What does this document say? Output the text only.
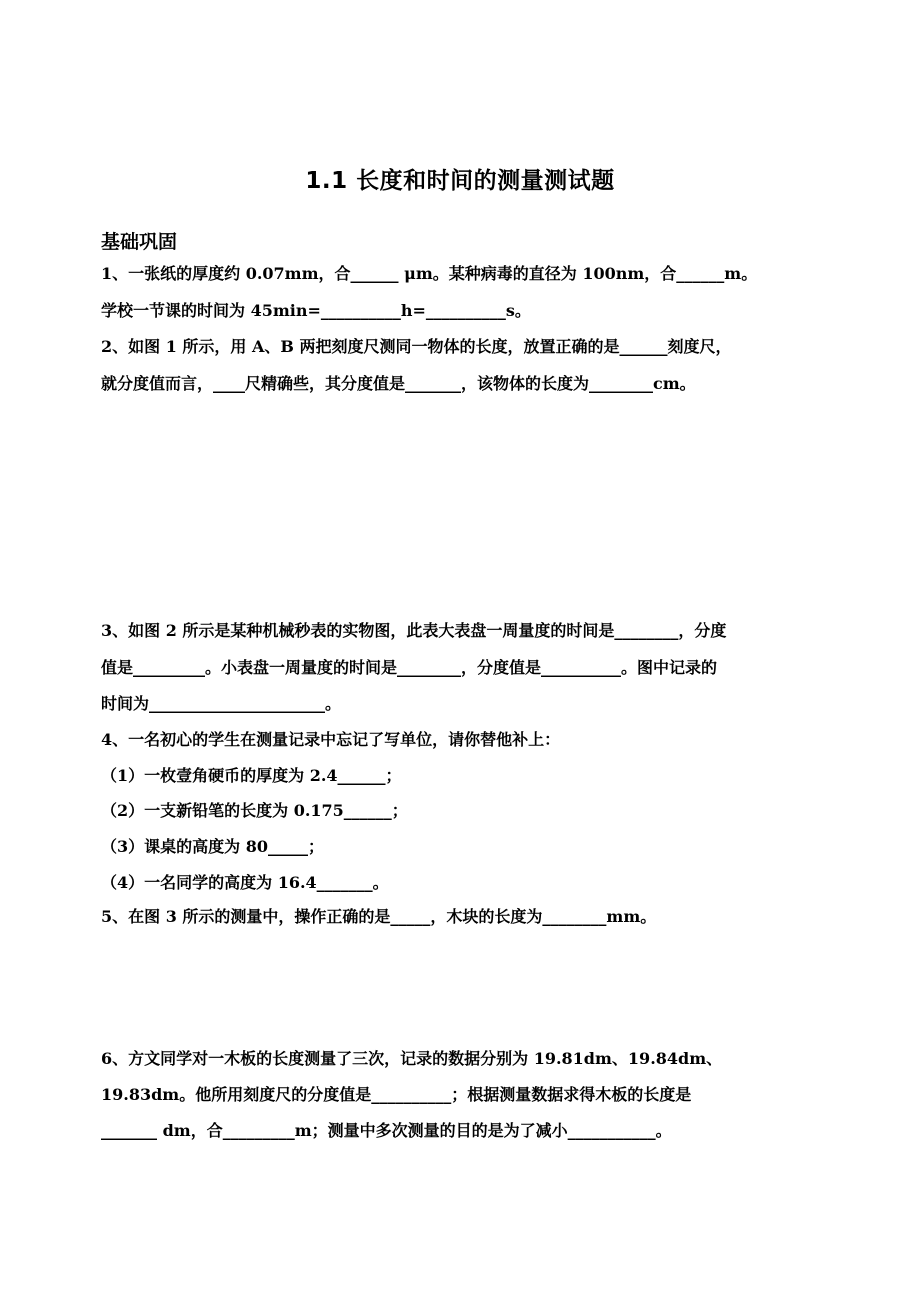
1.1 长度和时间的测量测试题
基础巩固
1、一张纸的厚度约 0.07mm，合______ μm。某种病毒的直径为 100nm，合______m。
学校一节课的时间为 45min=__________h=__________s。
2、如图 1 所示，用 A、B 两把刻度尺测同一物体的长度，放置正确的是______刻度尺，
就分度值而言，____尺精确些，其分度值是_______，该物体的长度为________cm。
3、如图 2 所示是某种机械秒表的实物图，此表大表盘一周量度的时间是________，分度
值是_________。小表盘一周量度的时间是________，分度值是__________。图中记录的
时间为______________________。
4、一名初心的学生在测量记录中忘记了写单位，请你替他补上：
（1）一枚壹角硬币的厚度为 2.4______；
（2）一支新铅笔的长度为 0.175______；
（3）课桌的高度为 80_____；
（4）一名同学的高度为 16.4_______。
5、在图 3 所示的测量中，操作正确的是_____，木块的长度为________mm。
6、方文同学对一木板的长度测量了三次，记录的数据分别为 19.81dm、19.84dm、
19.83dm。他所用刻度尺的分度值是__________；根据测量数据求得木板的长度是
_______ dm，合_________m；测量中多次测量的目的是为了减小___________。
